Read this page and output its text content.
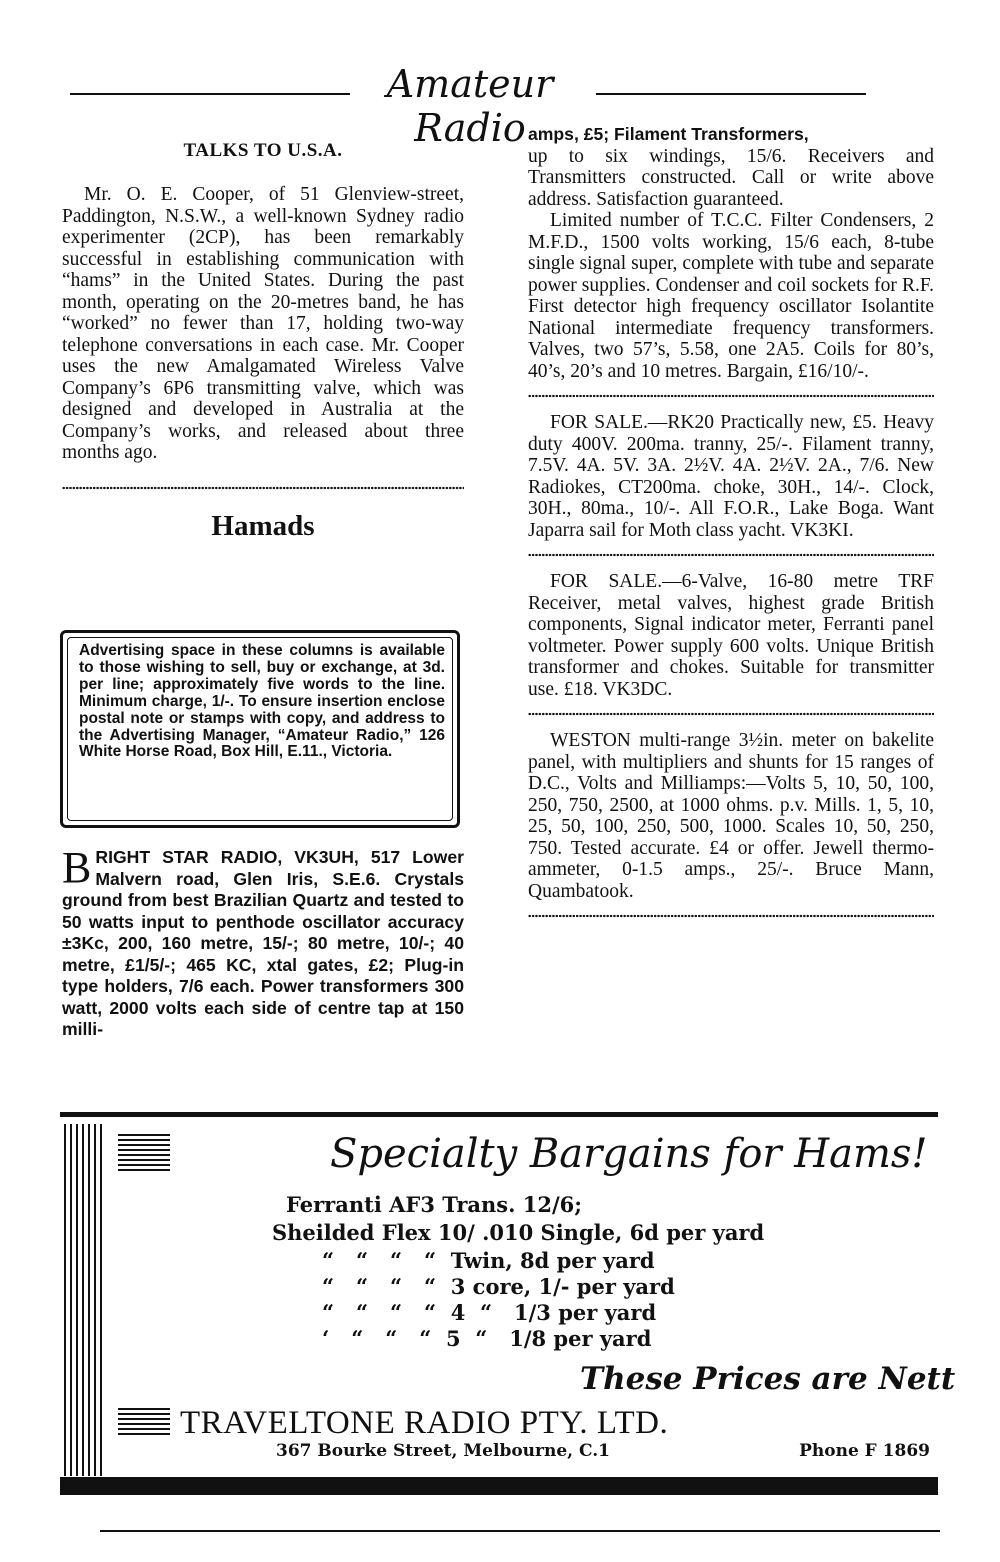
Amateur Radio

TALKS TO U.S.A.

Mr. O. E. Cooper, of 51 Glenview-street, Paddington, N.S.W., a well-known Sydney radio experimenter (2CP), has been remarkably successful in establishing communication with “hams” in the United States. During the past month, operating on the 20-metres band, he has “worked” no fewer than 17, holding two-way telephone conversations in each case. Mr. Cooper uses the new Amalgamated Wireless Valve Company’s 6P6 transmitting valve, which was designed and developed in Australia at the Company’s works, and released about three months ago.

Hamads

Advertising space in these columns is available to those wishing to sell, buy or exchange, at 3d. per line; approximately five words to the line. Minimum charge, 1/-. To ensure insertion enclose postal note or stamps with copy, and address to the Advertising Manager, “Amateur Radio,” 126 White Horse Road, Box Hill, E.11., Victoria.

B RIGHT STAR RADIO, VK3UH, 517 Lower Malvern road, Glen Iris, S.E.6. Crystals ground from best Brazilian Quartz and tested to 50 watts input to penthode oscillator accuracy ±3Kc, 200, 160 metre, 15/-; 80 metre, 10/-; 40 metre, £1/5/-; 465 KC, xtal gates, £2; Plug-in type holders, 7/6 each. Power transformers 300 watt, 2000 volts each side of centre tap at 150 milli-

amps, £5; Filament Transformers,

up to six windings, 15/6. Receivers and Transmitters constructed. Call or write above address. Satisfaction guaranteed.

Limited number of T.C.C. Filter Condensers, 2 M.F.D., 1500 volts working, 15/6 each, 8-tube single signal super, complete with tube and separate power supplies. Condenser and coil sockets for R.F. First detector high frequency oscillator Isolantite National intermediate frequency transformers. Valves, two 57’s, 5.58, one 2A5. Coils for 80’s, 40’s, 20’s and 10 metres. Bargain, £16/10/-.

FOR SALE.—RK20 Practically new, £5. Heavy duty 400V. 200ma. tranny, 25/-. Filament tranny, 7.5V. 4A. 5V. 3A. 2½V. 4A. 2½V. 2A., 7/6. New Radiokes, CT200ma. choke, 30H., 14/-. Clock, 30H., 80ma., 10/-. All F.O.R., Lake Boga. Want Japarra sail for Moth class yacht. VK3KI.

FOR SALE.—6-Valve, 16-80 metre TRF Receiver, metal valves, highest grade British components, Signal indicator meter, Ferranti panel voltmeter. Power supply 600 volts. Unique British transformer and chokes. Suitable for transmitter use. £18. VK3DC.

WESTON multi-range 3½in. meter on bakelite panel, with multipliers and shunts for 15 ranges of D.C., Volts and Milliamps:—Volts 5, 10, 50, 100, 250, 750, 2500, at 1000 ohms. p.v. Mills. 1, 5, 10, 25, 50, 100, 250, 500, 1000. Scales 10, 50, 250, 750. Tested accurate. £4 or offer. Jewell thermo-ammeter, 0-1.5 amps., 25/-. Bruce Mann, Quambatook.

Specialty Bargains for Hams!
Ferranti AF3 Trans. 12/6;
Sheilded Flex 10/ .010 Single, 6d per yard
“   “   “   “  Twin, 8d per yard
“   “   “   “  3 core, 1/- per yard
“   “   “   “  4  “   1/3 per yard
‘   “   “   “  5  “   1/8 per yard
These Prices are Nett
TRAVELTONE RADIO PTY. LTD.
367 Bourke Street, Melbourne, C.1	Phone F 1869
